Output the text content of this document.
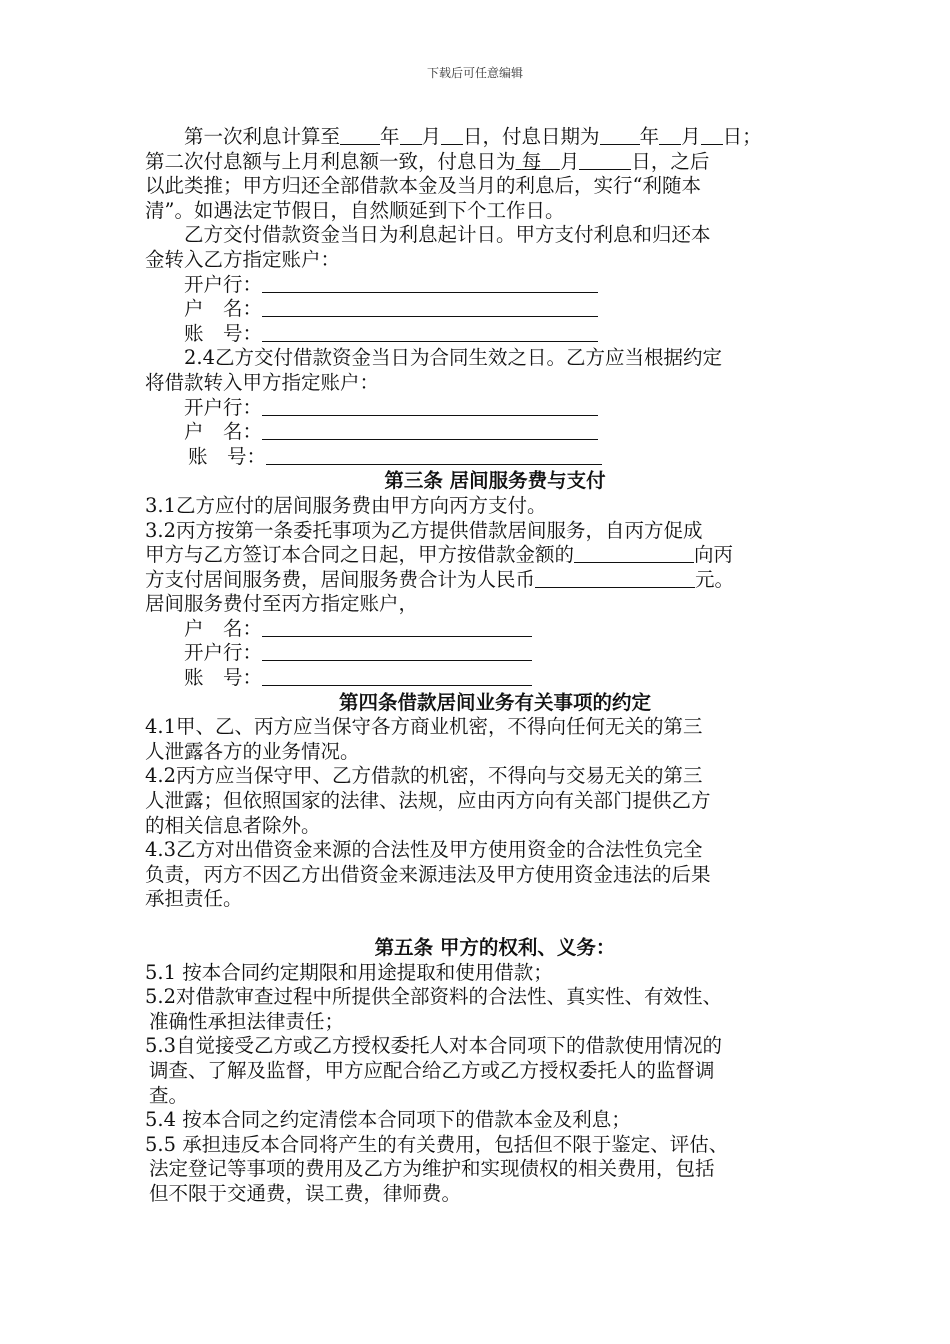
下载后可任意编辑
第一次利息计算至 年 月 日，付息日期为 年 月 日；
第二次付息额与上月利息额一致，付息日为 每 月	日，之后
以此类推；甲方归还全部借款本金及当月的利息后，实行“利随本
清”。如遇法定节假日，自然顺延到下个工作日。
乙方交付借款资金当日为利息起计日。甲方支付利息和归还本
金转入乙方指定账户：
开户行：
户　名：
账　号：
2.4乙方交付借款资金当日为合同生效之日。乙方应当根据约定
将借款转入甲方指定账户：
开户行：
户　名：
账　号：
第三条 居间服务费与支付
3.1乙方应付的居间服务费由甲方向丙方支付。
3.2丙方按第一条委托事项为乙方提供借款居间服务，自丙方促成
甲方与乙方签订本合同之日起，甲方按借款金额的	向丙
方支付居间服务费，居间服务费合计为人民币	元。
居间服务费付至丙方指定账户，
户　名：
开户行：
账　号：
第四条借款居间业务有关事项的约定
4.1甲、乙、丙方应当保守各方商业机密，不得向任何无关的第三
人泄露各方的业务情况。
4.2丙方应当保守甲、乙方借款的机密，不得向与交易无关的第三
人泄露；但依照国家的法律、法规，应由丙方向有关部门提供乙方
的相关信息者除外。
4.3乙方对出借资金来源的合法性及甲方使用资金的合法性负完全
负责，丙方不因乙方出借资金来源违法及甲方使用资金违法的后果
承担责任。
第五条 甲方的权利、义务：
5.1 按本合同约定期限和用途提取和使用借款；
5.2对借款审查过程中所提供全部资料的合法性、真实性、有效性、
准确性承担法律责任；
5.3自觉接受乙方或乙方授权委托人对本合同项下的借款使用情况的
调查、了解及监督，甲方应配合给乙方或乙方授权委托人的监督调
查。
5.4 按本合同之约定清偿本合同项下的借款本金及利息；
5.5 承担违反本合同将产生的有关费用，包括但不限于鉴定、评估、
法定登记等事项的费用及乙方为维护和实现债权的相关费用，包括
但不限于交通费，误工费，律师费。
